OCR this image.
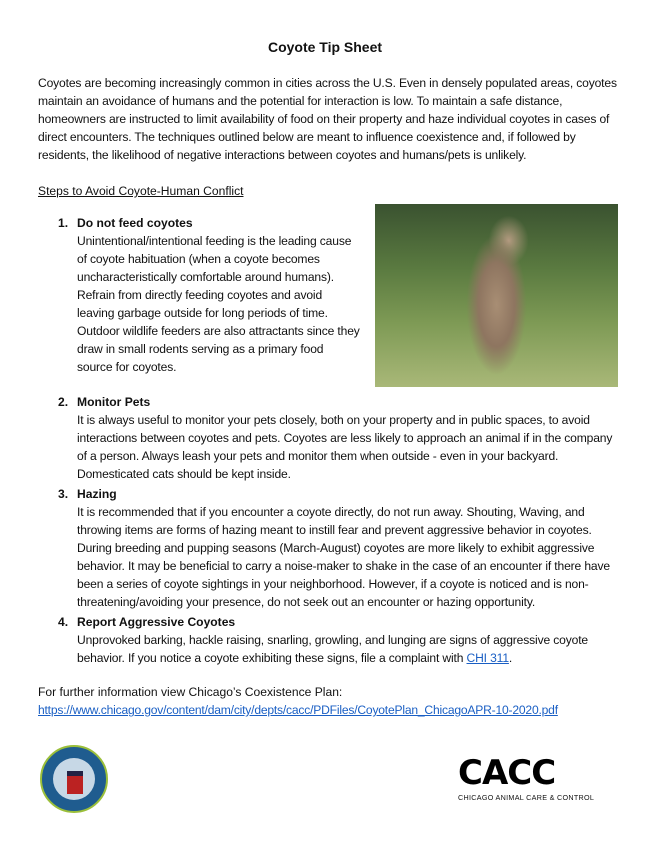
Coyote Tip Sheet

Coyotes are becoming increasingly common in cities across the U.S. Even in densely populated areas, coyotes maintain an avoidance of humans and the potential for interaction is low. To maintain a safe distance, homeowners are instructed to limit availability of food on their property and haze individual coyotes in cases of direct encounters. The techniques outlined below are meant to influence coexistence and, if followed by residents, the likelihood of negative interactions between coyotes and humans/pets is unlikely.

Steps to Avoid Coyote-Human Conflict
1. Do not feed coyotes
Unintentional/intentional feeding is the leading cause of coyote habituation (when a coyote becomes uncharacteristically comfortable around humans). Refrain from directly feeding coyotes and avoid leaving garbage outside for long periods of time. Outdoor wildlife feeders are also attractants since they draw in small rodents serving as a primary food source for coyotes.
2. Monitor Pets
It is always useful to monitor your pets closely, both on your property and in public spaces, to avoid interactions between coyotes and pets. Coyotes are less likely to approach an animal if in the company of a person. Always leash your pets and monitor them when outside - even in your backyard. Domesticated cats should be kept inside.
3. Hazing
It is recommended that if you encounter a coyote directly, do not run away. Shouting, Waving, and throwing items are forms of hazing meant to instill fear and prevent aggressive behavior in coyotes. During breeding and pupping seasons (March-August) coyotes are more likely to exhibit aggressive behavior. It may be beneficial to carry a noise-maker to shake in the case of an encounter if there have been a series of coyote sightings in your neighborhood. However, if a coyote is noticed and is non-threatening/avoiding your presence, do not seek out an encounter or hazing opportunity.
4. Report Aggressive Coyotes
Unprovoked barking, hackle raising, snarling, growling, and lunging are signs of aggressive coyote behavior. If you notice a coyote exhibiting these signs, file a complaint with CHI 311.
For further information view Chicago’s Coexistence Plan:
https://www.chicago.gov/content/dam/city/depts/cacc/PDFiles/CoyotePlan_ChicagoAPR-10-2020.pdf
CACC
CHICAGO ANIMAL CARE & CONTROL
